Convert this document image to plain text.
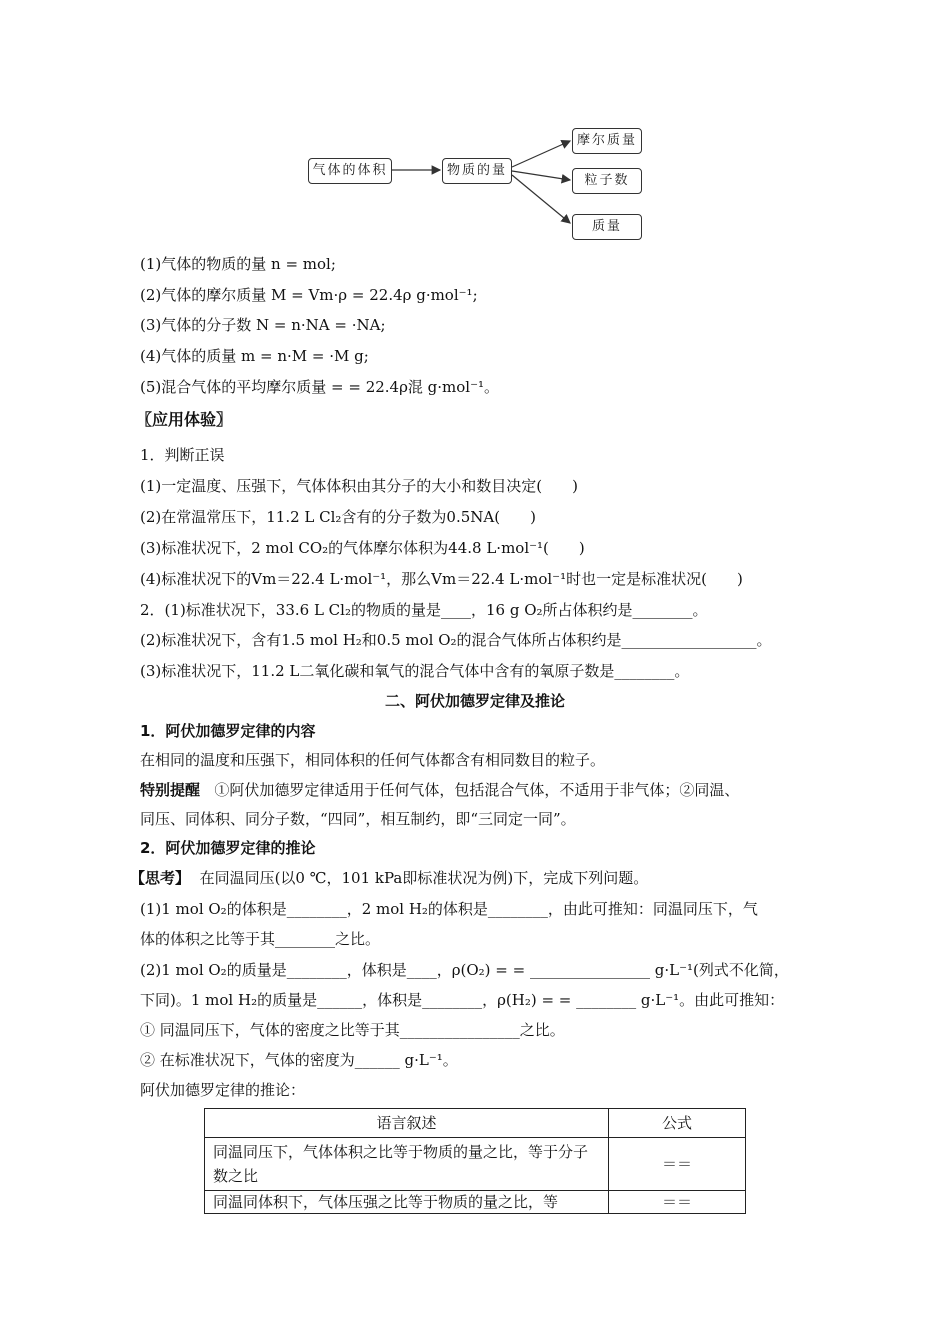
气体的体积	物质的量
摩尔质量
粒子数
质量
(1)气体的物质的量 n = mol;
(2)气体的摩尔质量 M = Vm·ρ = 22.4ρ g·mol⁻¹;
(3)气体的分子数 N = n·NA = ·NA;
(4)气体的质量 m = n·M = ·M g;
(5)混合气体的平均摩尔质量 = = 22.4ρ混 g·mol⁻¹。
〖应用体验〗
1．判断正误
(1)一定温度、压强下，气体体积由其分子的大小和数目决定(　　)
(2)在常温常压下，11.2 L Cl₂含有的分子数为0.5NA(　　)
(3)标准状况下，2 mol CO₂的气体摩尔体积为44.8 L·mol⁻¹(　　)
(4)标准状况下的Vm＝22.4 L·mol⁻¹，那么Vm＝22.4 L·mol⁻¹时也一定是标准状况(　　)
2．(1)标准状况下，33.6 L Cl₂的物质的量是____，16 g O₂所占体积约是________。
(2)标准状况下，含有1.5 mol H₂和0.5 mol O₂的混合气体所占体积约是__________________。
(3)标准状况下，11.2 L二氧化碳和氧气的混合气体中含有的氧原子数是________。
二、阿伏加德罗定律及推论
1．阿伏加德罗定律的内容
在相同的温度和压强下，相同体积的任何气体都含有相同数目的粒子。
特别提醒 ①阿伏加德罗定律适用于任何气体，包括混合气体，不适用于非气体；②同温、
同压、同体积、同分子数，“四同”，相互制约，即“三同定一同”。
2．阿伏加德罗定律的推论
【思考】 在同温同压(以0 ℃，101 kPa即标准状况为例)下，完成下列问题。
(1)1 mol O₂的体积是________，2 mol H₂的体积是________，由此可推知：同温同压下，气
体的体积之比等于其________之比。
(2)1 mol O₂的质量是________，体积是____，ρ(O₂) = = ________________ g·L⁻¹(列式不化简，
下同)。1 mol H₂的质量是______，体积是________，ρ(H₂) = = ________ g·L⁻¹。由此可推知：
① 同温同压下，气体的密度之比等于其________________之比。
② 在标准状况下，气体的密度为______ g·L⁻¹。
阿伏加德罗定律的推论：
语言叙述	公式
同温同压下，气体体积之比等于物质的量之比，等于分子数之比	＝＝
同温同体积下，气体压强之比等于物质的量之比，等	＝＝
